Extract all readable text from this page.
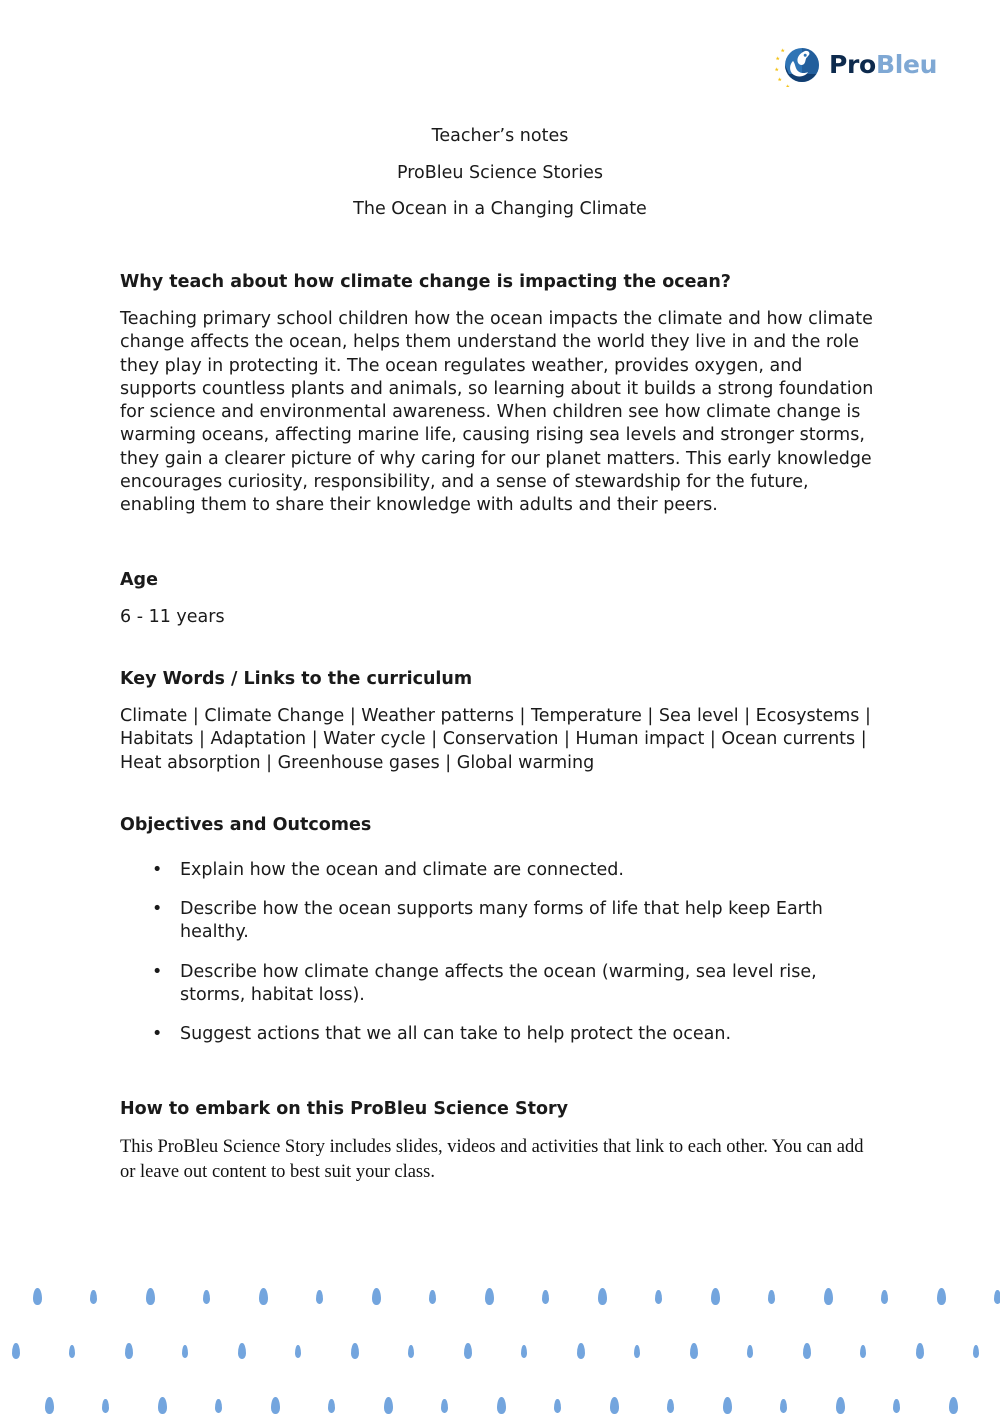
ProBleu
Teacher’s notes
ProBleu Science Stories
The Ocean in a Changing Climate
Why teach about how climate change is impacting the ocean?

Teaching primary school children how the ocean impacts the climate and how climate change affects the ocean, helps them understand the world they live in and the role they play in protecting it. The ocean regulates weather, provides oxygen, and supports countless plants and animals, so learning about it builds a strong foundation for science and environmental awareness. When children see how climate change is warming oceans, affecting marine life, causing rising sea levels and stronger storms, they gain a clearer picture of why caring for our planet matters. This early knowledge encourages curiosity, responsibility, and a sense of stewardship for the future, enabling them to share their knowledge with adults and their peers.

Age

6 - 11 years

Key Words / Links to the curriculum

Climate | Climate Change | Weather patterns | Temperature | Sea level | Ecosystems | Habitats | Adaptation | Water cycle | Conservation | Human impact | Ocean currents | Heat absorption | Greenhouse gases | Global warming

Objectives and Outcomes
• Explain how the ocean and climate are connected.
• Describe how the ocean supports many forms of life that help keep Earth healthy.
• Describe how climate change affects the ocean (warming, sea level rise, storms, habitat loss).
• Suggest actions that we all can take to help protect the ocean.
How to embark on this ProBleu Science Story

This ProBleu Science Story includes slides, videos and activities that link to each other. You can add or leave out content to best suit your class.
